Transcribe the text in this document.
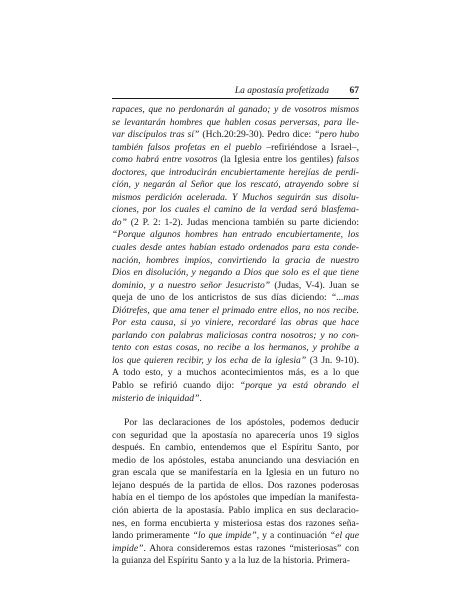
La apostasía profetizada 67
rapaces, que no perdonarán al ganado; y de vosotros mismos
se levantarán hombres que hablen cosas perversas, para lle-
var discípulos tras sí” (Hch.20:29-30). Pedro dice: “pero hubo
también falsos profetas en el pueblo –refiriéndose a Israel–,
como habrá entre vosotros (la Iglesia entre los gentiles) falsos
doctores, que introducirán encubiertamente herejías de perdi-
ción, y negarán al Señor que los rescató, atrayendo sobre sí
mismos perdición acelerada. Y Muchos seguirán sus disolu-
ciones, por los cuales el camino de la verdad será blasfema-
do” (2 P. 2: 1-2). Judas menciona también su parte diciendo:
“Porque algunos hombres han entrado encubiertamente, los
cuales desde antes habían estado ordenados para esta conde-
nación, hombres impíos, convirtiendo la gracia de nuestro
Dios en disolución, y negando a Dios que solo es el que tiene
dominio, y a nuestro señor Jesucristo” (Judas, V-4). Juan se
queja de uno de los anticristos de sus días diciendo: “...mas
Diótrefes, que ama tener el primado entre ellos, no nos recibe.
Por esta causa, si yo viniere, recordaré las obras que hace
parlando con palabras maliciosas contra nosotros; y no con-
tento con estas cosas, no recibe a los hermanos, y prohíbe a
los que quieren recibir, y los echa de la iglesia” (3 Jn. 9-10).
A todo esto, y a muchos acontecimientos más, es a lo que
Pablo se refirió cuando dijo: “porque ya está obrando el
misterio de iniquidad”.
Por las declaraciones de los apóstoles, podemos deducir
con seguridad que la apostasía no aparecería unos 19 siglos
después. En cambio, entendemos que el Espíritu Santo, por
medio de los apóstoles, estaba anunciando una desviación en
gran escala que se manifestaría en la Iglesia en un futuro no
lejano después de la partida de ellos. Dos razones poderosas
había en el tiempo de los apóstoles que impedían la manifesta-
ción abierta de la apostasía. Pablo implica en sus declaracio-
nes, en forma encubierta y misteriosa estas dos razones seña-
lando primeramente “lo que impide”, y a continuación “el que
impide”. Ahora consideremos estas razones “misteriosas” con
la guianza del Espíritu Santo y a la luz de la historia. Primera-
